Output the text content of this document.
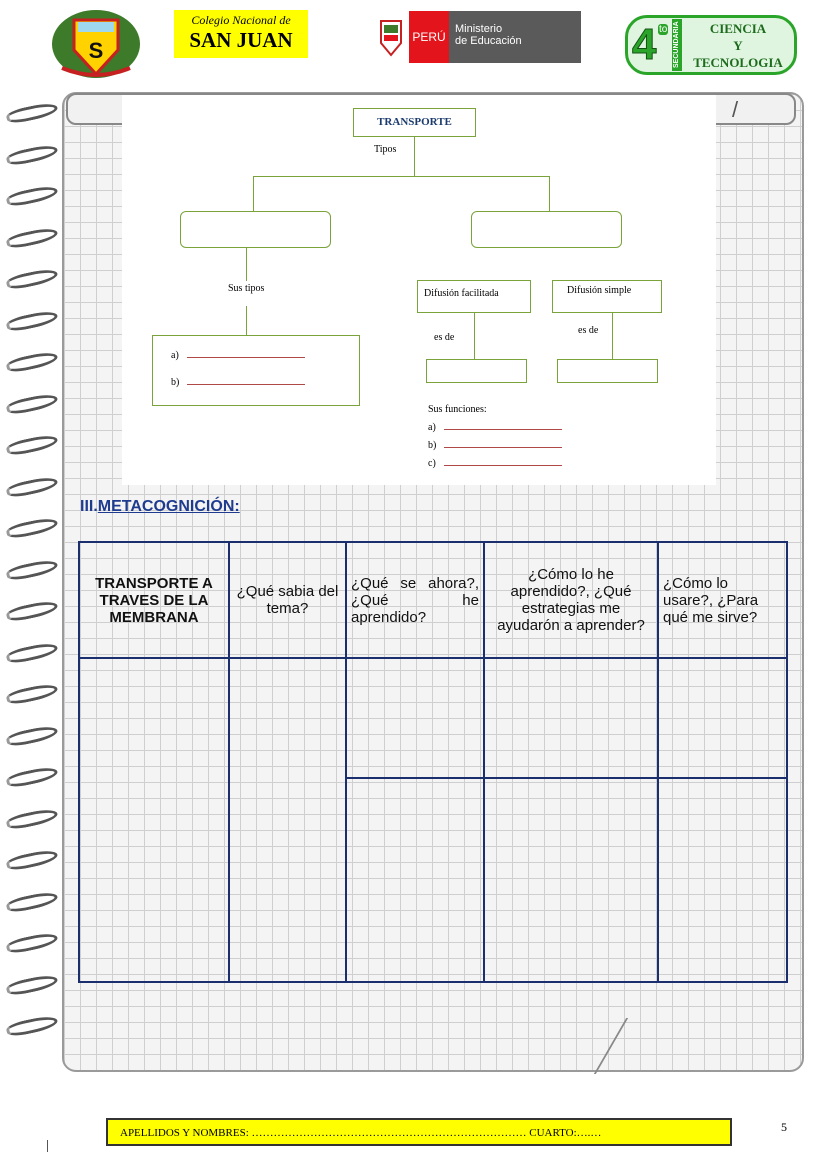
/
S
Colegio Nacional de
SAN JUAN	PERÚ
Ministerio
de Educación	4 to SECUNDARIA	CIENCIA
Y
TECNOLOGIA
TRANSPORTE
Tipos
Sus tipos
a)
b)
Difusión facilitada	Difusión simple
es de
es de
Sus funciones:
a)
b)
c)
III.METACOGNICIÓN:
TRANSPORTE A TRAVES DE LA MEMBRANA	¿Qué sabia del tema?	¿Qué se ahora?, ¿Qué he aprendido?	¿Cómo lo he aprendido?, ¿Qué estrategias me ayudarón a aprender?	¿Cómo lo usare?, ¿Para qué me sirve?

APELLIDOS Y NOMBRES: ………………………………………………………………… CUARTO:….…	5
